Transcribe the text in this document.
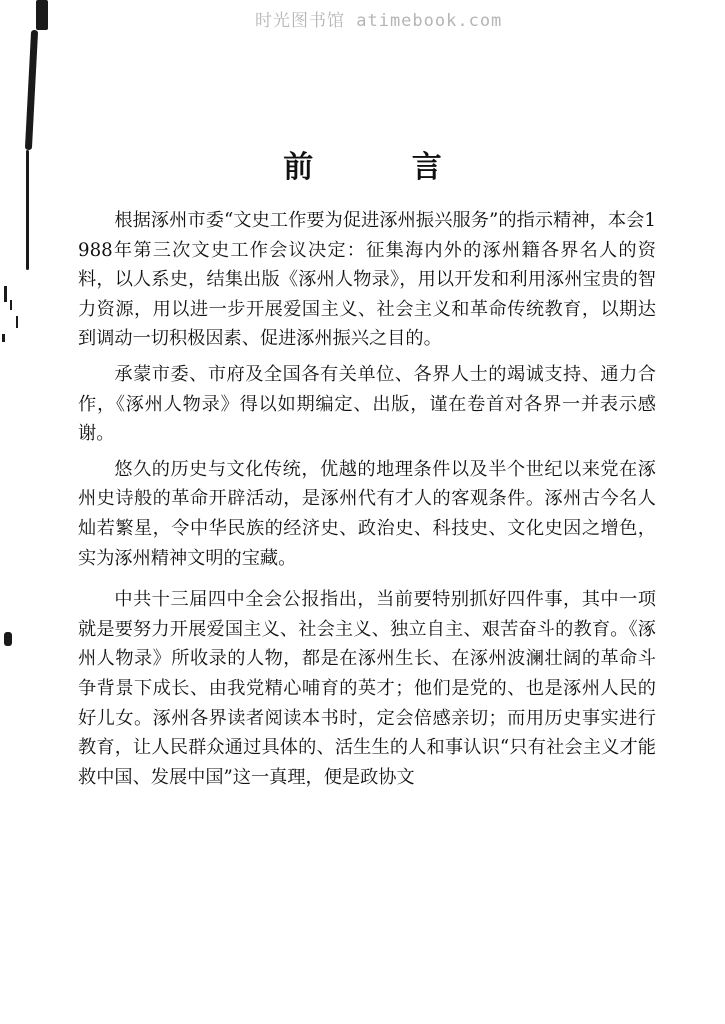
时光图书馆 atimebook.com
前 言

根据涿州市委“文史工作要为促进涿州振兴服务”的指示精神，本会1988年第三次文史工作会议决定：征集海内外的涿州籍各界名人的资料，以人系史，结集出版《涿州人物录》，用以开发和利用涿州宝贵的智力资源，用以进一步开展爱国主义、社会主义和革命传统教育，以期达到调动一切积极因素、促进涿州振兴之目的。

承蒙市委、市府及全国各有关单位、各界人士的竭诚支持、通力合作，《涿州人物录》得以如期编定、出版，谨在卷首对各界一并表示感谢。

悠久的历史与文化传统，优越的地理条件以及半个世纪以来党在涿州史诗般的革命开辟活动，是涿州代有才人的客观条件。涿州古今名人灿若繁星，令中华民族的经济史、政治史、科技史、文化史因之增色，实为涿州精神文明的宝藏。

中共十三届四中全会公报指出，当前要特别抓好四件事，其中一项就是要努力开展爱国主义、社会主义、独立自主、艰苦奋斗的教育。《涿州人物录》所收录的人物，都是在涿州生长、在涿州波澜壮阔的革命斗争背景下成长、由我党精心哺育的英才；他们是党的、也是涿州人民的好儿女。涿州各界读者阅读本书时，定会倍感亲切；而用历史事实进行教育，让人民群众通过具体的、活生生的人和事认识“只有社会主义才能救中国、发展中国”这一真理，便是政协文
